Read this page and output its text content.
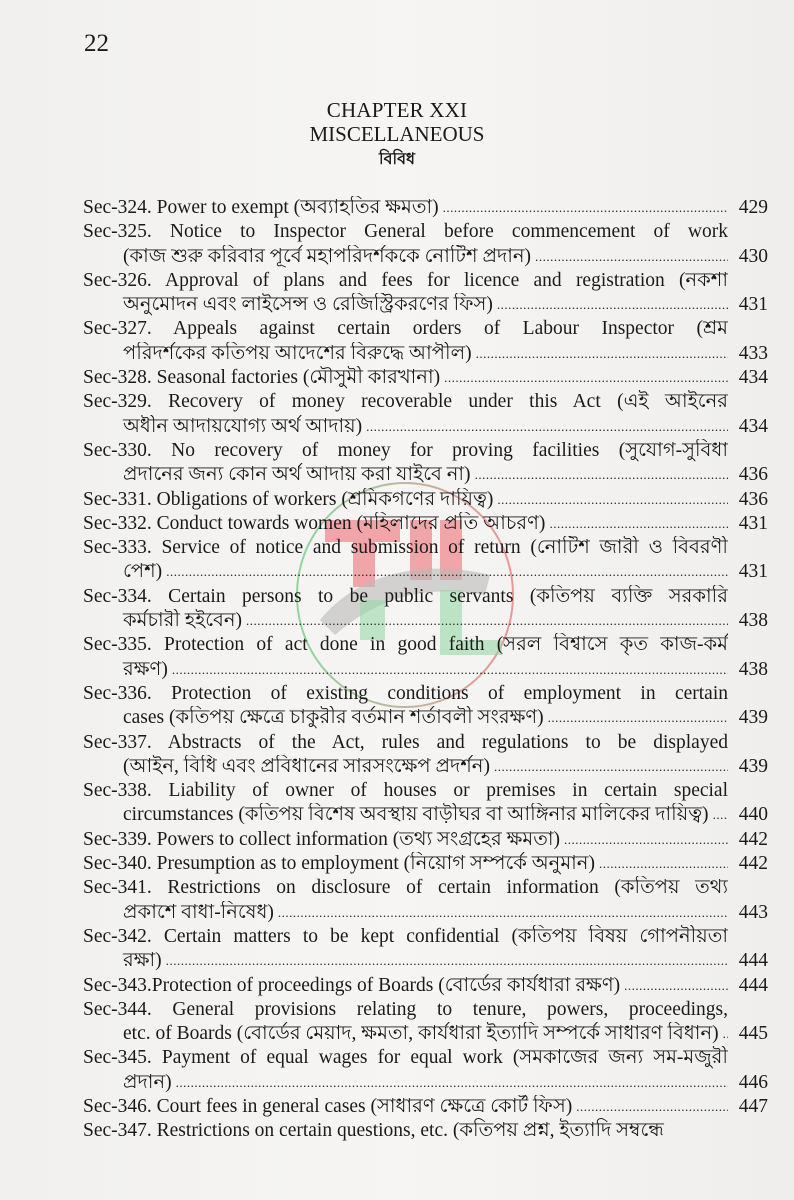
22
CHAPTER XXI
MISCELLANEOUS
বিবিধ
Sec-324. Power to exempt (অব্যাহতির ক্ষমতা) .....	429
Sec-325. Notice to Inspector General before commencement of work
(কাজ শুরু করিবার পূর্বে মহাপরিদর্শককে নোটিশ প্রদান) .....	430
Sec-326. Approval of plans and fees for licence and registration (নকশা
অনুমোদন এবং লাইসেন্স ও রেজিস্ট্রিকরণের ফিস) .....	431
Sec-327. Appeals against certain orders of Labour Inspector (শ্রম
পরিদর্শকের কতিপয় আদেশের বিরুদ্ধে আপীল) .....	433
Sec-328. Seasonal factories (মৌসুমী কারখানা) .....	434
Sec-329. Recovery of money recoverable under this Act (এই আইনের
অধীন আদায়যোগ্য অর্থ আদায়) .....	434
Sec-330. No recovery of money for proving facilities (সুযোগ-সুবিধা
প্রদানের জন্য কোন অর্থ আদায় করা যাইবে না) .....	436
Sec-331. Obligations of workers (শ্রমিকগণের দায়িত্ব) .....	436
Sec-332. Conduct towards women (মহিলাদের প্রতি আচরণ) .....	431
Sec-333. Service of notice and submission of return (নোটিশ জারী ও বিবরণী
পেশ) .....	431
Sec-334. Certain persons to be public servants (কতিপয় ব্যক্তি সরকারি
কর্মচারী হইবেন) .....	438
Sec-335. Protection of act done in good faith (সরল বিশ্বাসে কৃত কাজ-কর্ম
রক্ষণ) .....	438
Sec-336. Protection of existing conditions of employment in certain
cases (কতিপয় ক্ষেত্রে চাকুরীর বর্তমান শর্তাবলী সংরক্ষণ) .....	439
Sec-337. Abstracts of the Act, rules and regulations to be displayed
(আইন, বিধি এবং প্রবিধানের সারসংক্ষেপ প্রদর্শন) .....	439
Sec-338. Liability of owner of houses or premises in certain special
circumstances (কতিপয় বিশেষ অবস্থায় বাড়ীঘর বা আঙ্গিনার মালিকের দায়িত্ব) .....	440
Sec-339. Powers to collect information (তথ্য সংগ্রহের ক্ষমতা) .....	442
Sec-340. Presumption as to employment (নিয়োগ সম্পর্কে অনুমান) .....	442
Sec-341. Restrictions on disclosure of certain information (কতিপয় তথ্য
প্রকাশে বাধা-নিষেধ) .....	443
Sec-342. Certain matters to be kept confidential (কতিপয় বিষয় গোপনীয়তা
রক্ষা) .....	444
Sec-343.Protection of proceedings of Boards (বোর্ডের কার্যধারা রক্ষণ) .....	444
Sec-344. General provisions relating to tenure, powers, proceedings,
etc. of Boards (বোর্ডের মেয়াদ, ক্ষমতা, কার্যধারা ইত্যাদি সম্পর্কে সাধারণ বিধান) .....	445
Sec-345. Payment of equal wages for equal work (সমকাজের জন্য সম-মজুরী
প্রদান) .....	446
Sec-346. Court fees in general cases (সাধারণ ক্ষেত্রে কোর্ট ফিস) .....	447
Sec-347. Restrictions on certain questions, etc. (কতিপয় প্রশ্ন, ইত্যাদি সম্বন্ধে
